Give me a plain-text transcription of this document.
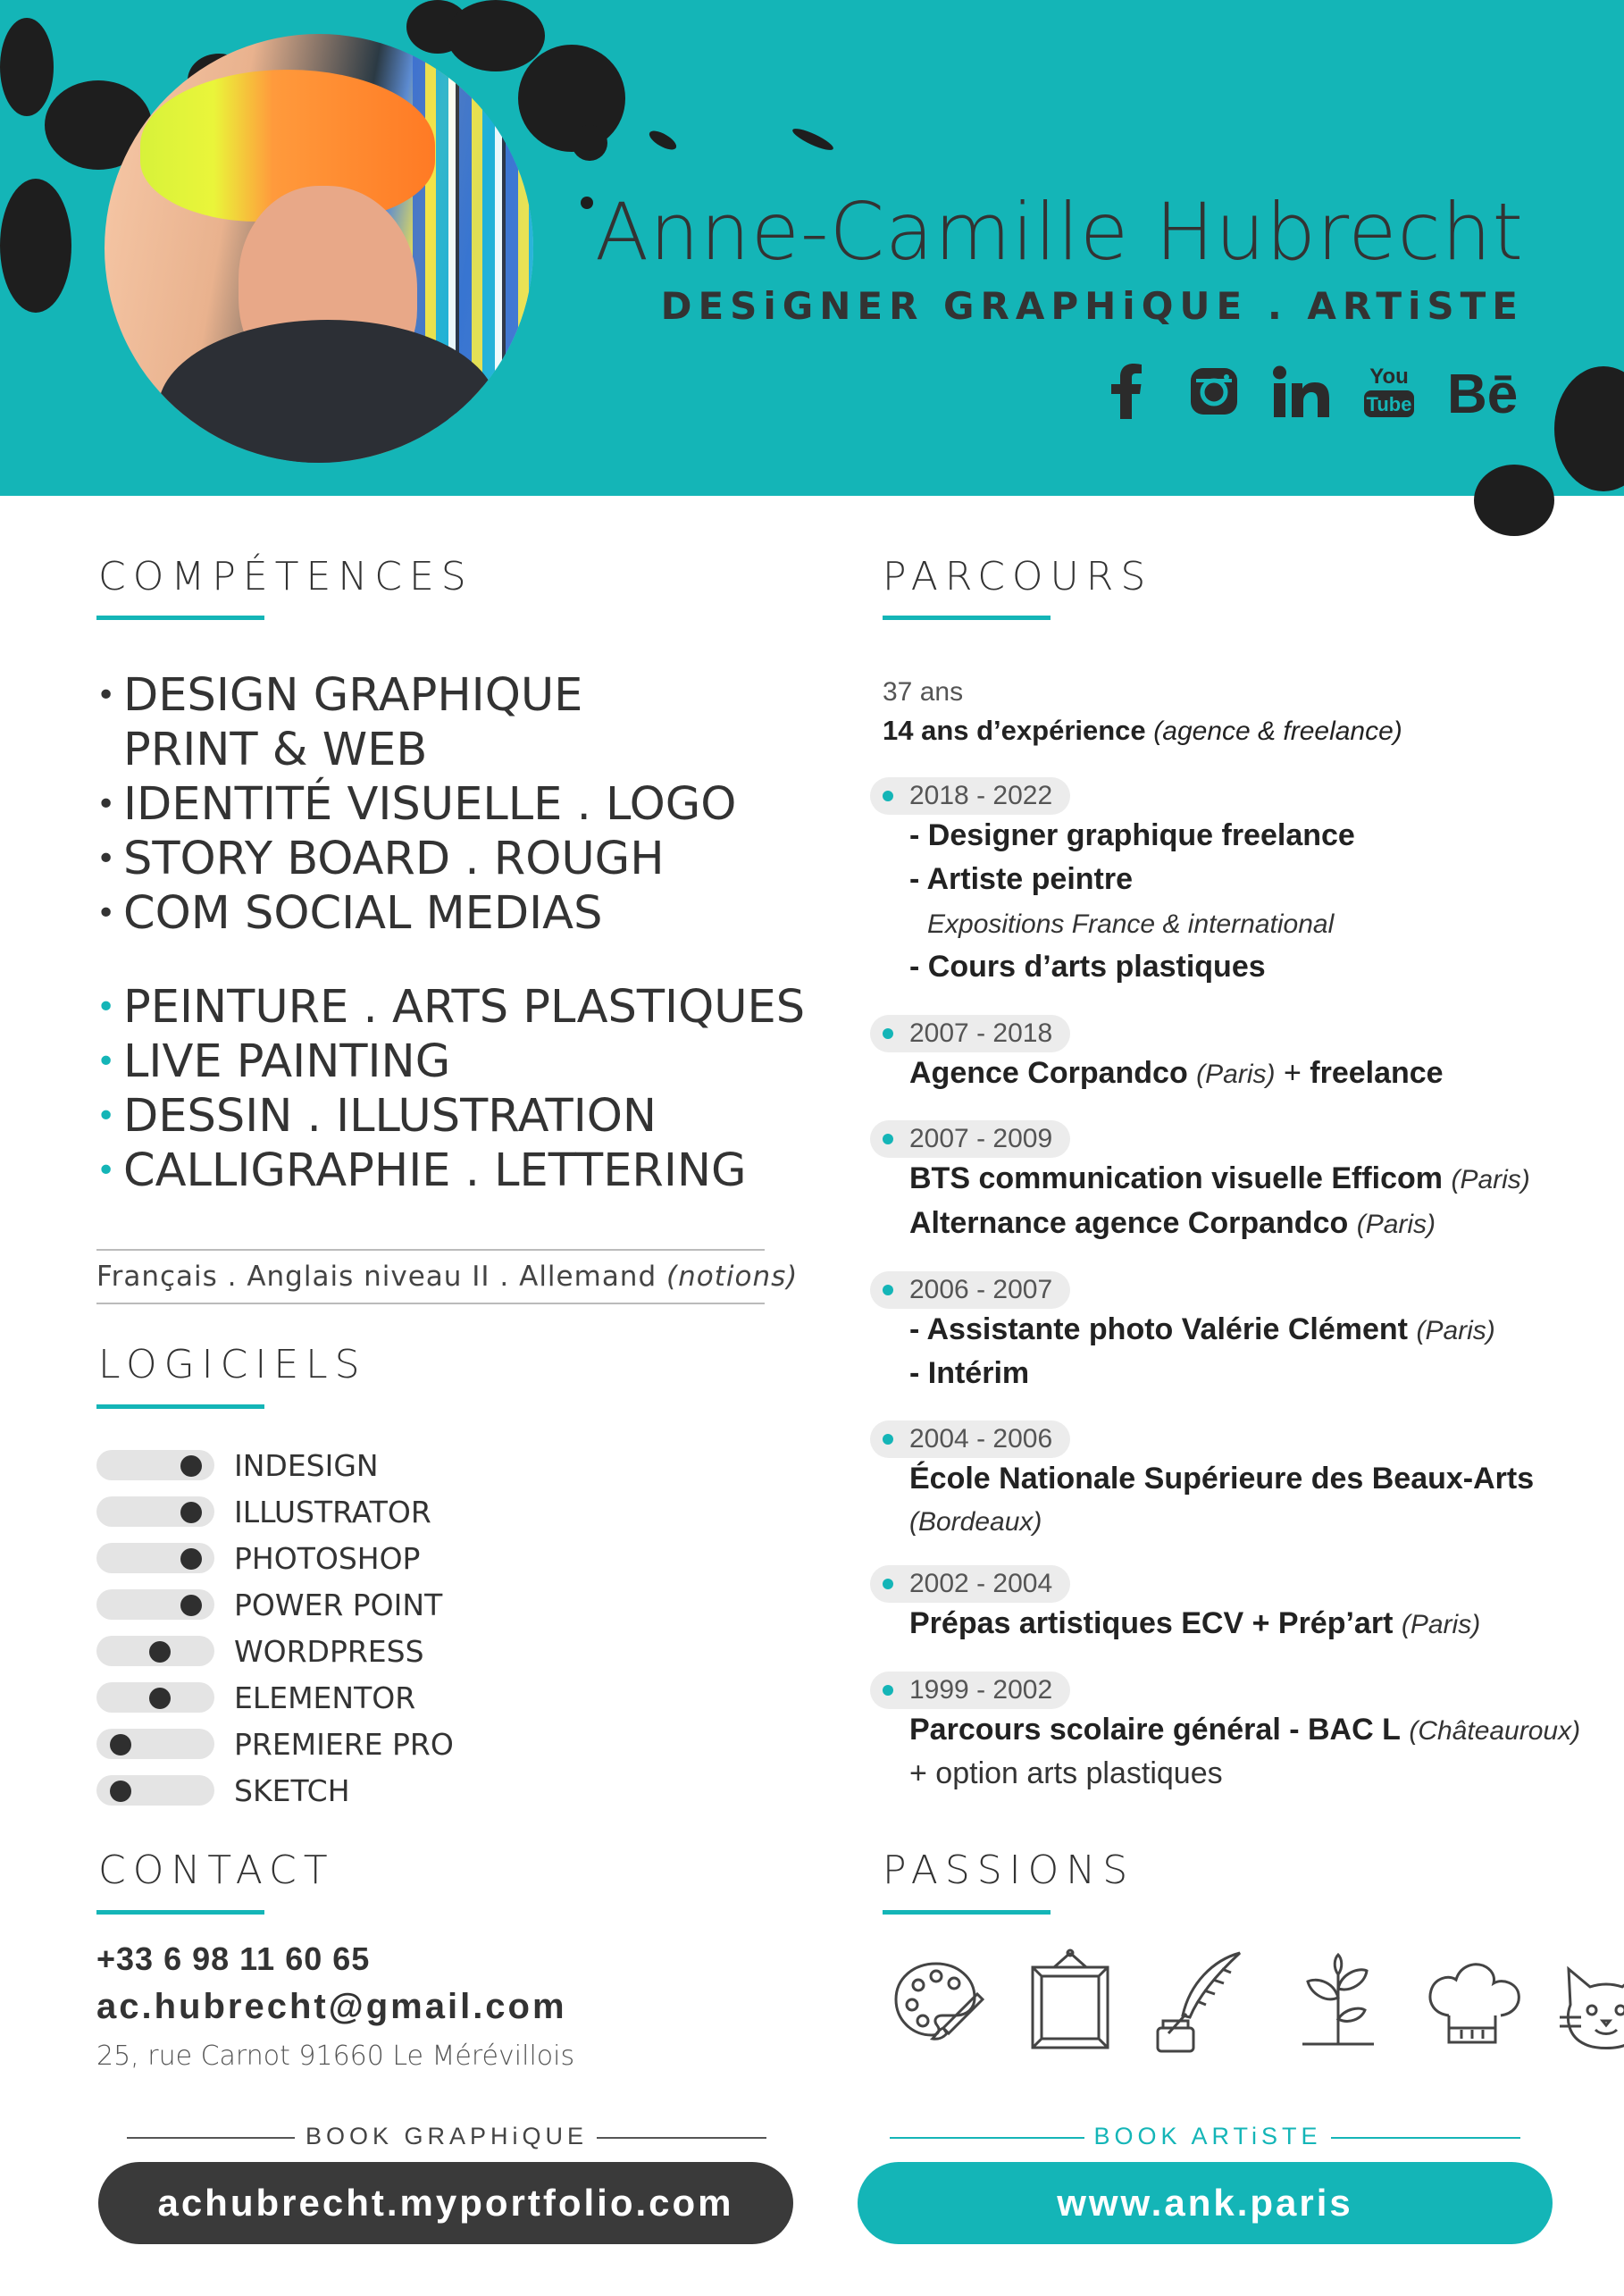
Anne-Camille Hubrecht
DESiGNER GRAPHiQUE . ARTiSTE
You
Tube Bē
COMPÉTENCES
• DESIGN GRAPHIQUE
PRINT & WEB
• IDENTITÉ VISUELLE . LOGO
• STORY BOARD . ROUGH
• COM SOCIAL MEDIAS
• PEINTURE . ARTS PLASTIQUES
• LIVE PAINTING
• DESSIN . ILLUSTRATION
• CALLIGRAPHIE . LETTERING
Français . Anglais niveau II . Allemand (notions)
LOGICIELS
INDESIGN
ILLUSTRATOR
PHOTOSHOP
POWER POINT
WORDPRESS
ELEMENTOR
PREMIERE PRO
SKETCH
CONTACT
+33 6 98 11 60 65
ac.hubrecht@gmail.com
25, rue Carnot 91660 Le Mérévillois
PARCOURS
37 ans
14 ans d’expérience (agence & freelance)
2018 - 2022
- Designer graphique freelance
- Artiste peintre
Expositions France & international
- Cours d’arts plastiques
2007 - 2018
Agence Corpandco (Paris) + freelance
2007 - 2009
BTS communication visuelle Efficom (Paris)
Alternance agence Corpandco (Paris)
2006 - 2007
- Assistante photo Valérie Clément (Paris)
- Intérim
2004 - 2006
École Nationale Supérieure des Beaux-Arts
(Bordeaux)
2002 - 2004
Prépas artistiques ECV + Prép’art (Paris)
1999 - 2002
Parcours scolaire général - BAC L (Châteauroux)
+ option arts plastiques
PASSIONS
BOOK GRAPHiQUE
achubrecht.myportfolio.com
BOOK ARTiSTE
www.ank.paris
